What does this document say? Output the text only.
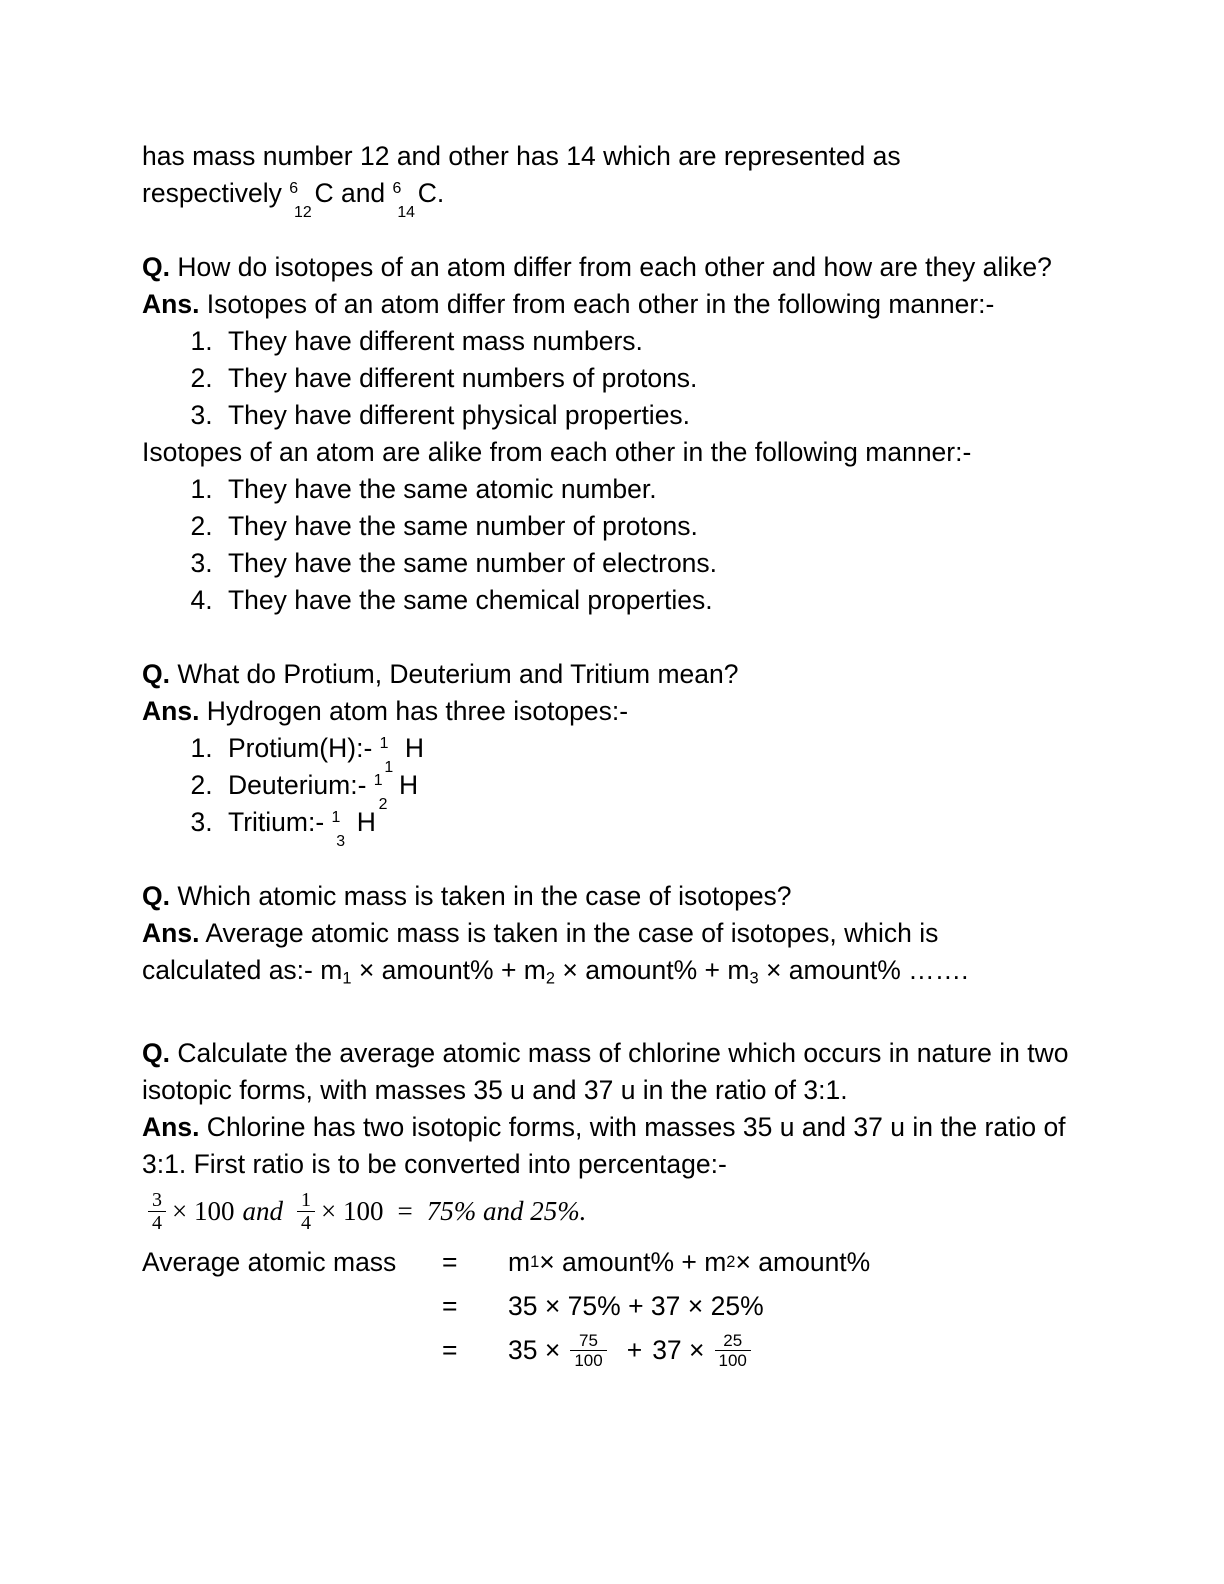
has mass number 12 and other has 14 which are represented as
respectively 6
12
C and 6
14
C.

Q. How do isotopes of an atom differ from each other and how are they alike?

Ans. Isotopes of an atom differ from each other in the following manner:-

1. They have different mass numbers.
2. They have different numbers of protons.
3. They have different physical properties.

Isotopes of an atom are alike from each other in the following manner:-

1. They have the same atomic number.
2. They have the same number of protons.
3. They have the same number of electrons.
4. They have the same chemical properties.

Q. What do Protium, Deuterium and Tritium mean?

Ans. Hydrogen atom has three isotopes:-

1. Protium(H):- 1
1
H
2. Deuterium:- 1
2
H
3. Tritium:- 1
3
H

Q. Which atomic mass is taken in the case of isotopes?

Ans. Average atomic mass is taken in the case of isotopes, which is
calculated as:- $m_1$ × amount% + $m_2$ × amount% + $m_3$ × amount% …….

Q. Calculate the average atomic mass of chlorine which occurs in nature in two isotopic forms, with masses 35 u and 37 u in the ratio of 3:1.

Ans. Chlorine has two isotopic forms, with masses 35 u and 37 u in the ratio of 3:1. First ratio is to be converted into percentage:-

$\frac{3}{4} \times 100$ and $\frac{1}{4} \times 100 = 75\%$ and 25%.
Average atomic mass	=	m 1 × amount% + m 2 × amount%
=	35 × 75% + 37 × 25%
=	$35 \times \frac{75}{100} + 37 \times \frac{25}{100}$
